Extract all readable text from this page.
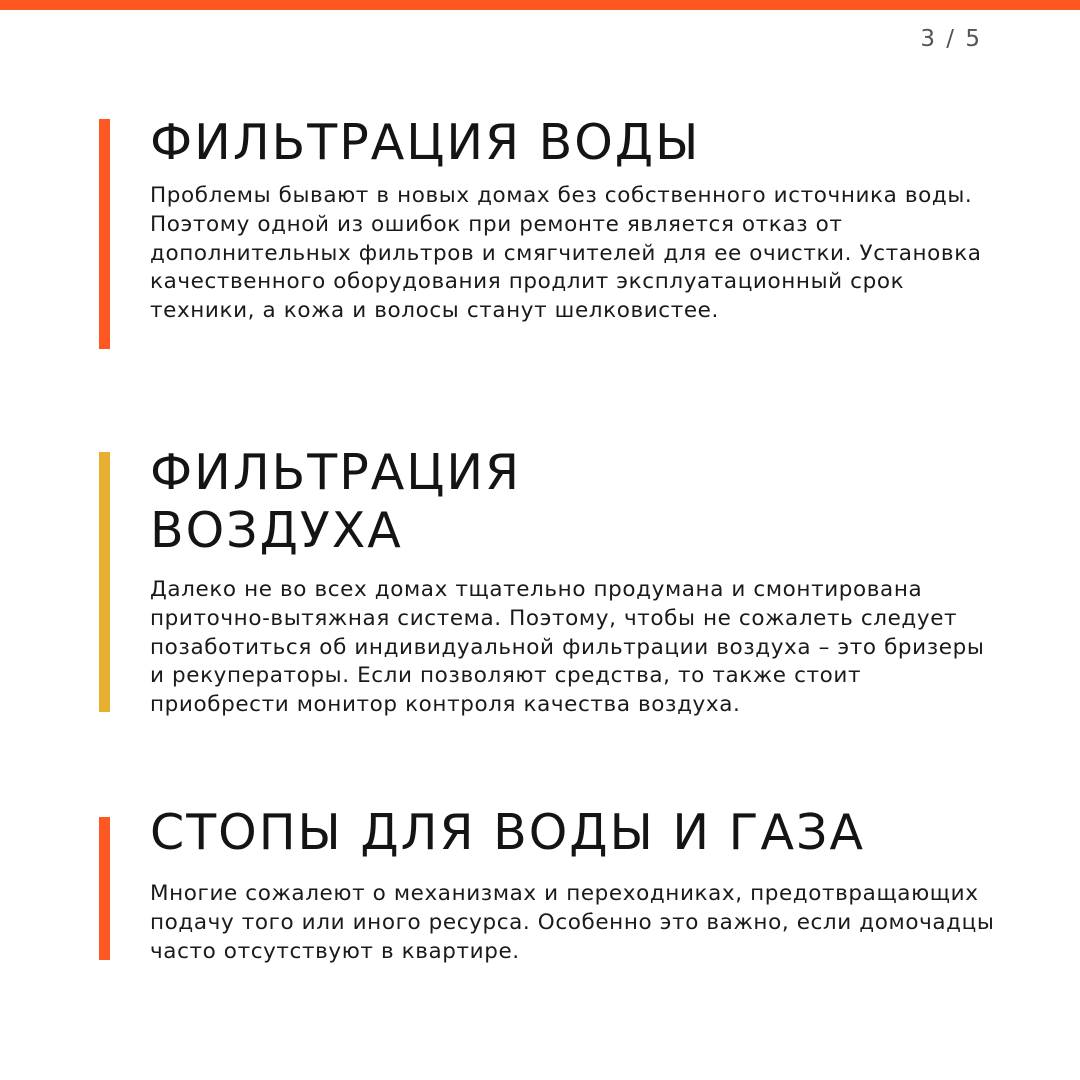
3 / 5
ФИЛЬТРАЦИЯ ВОДЫ

Проблемы бывают в новых домах без собственного источника воды. Поэтому одной из ошибок при ремонте является отказ от дополнительных фильтров и смягчителей для ее очистки. Установка качественного оборудования продлит эксплуатационный срок техники, а кожа и волосы станут шелковистее.

ФИЛЬТРАЦИЯ ВОЗДУХА

Далеко не во всех домах тщательно продумана и смонтирована приточно-вытяжная система. Поэтому, чтобы не сожалеть следует позаботиться об индивидуальной фильтрации воздуха – это бризеры и рекуператоры. Если позволяют средства, то также стоит приобрести монитор контроля качества воздуха.

СТОПЫ ДЛЯ ВОДЫ И ГАЗА

Многие сожалеют о механизмах и переходниках, предотвращающих подачу того или иного ресурса. Особенно это важно, если домочадцы часто отсутствуют в квартире.
